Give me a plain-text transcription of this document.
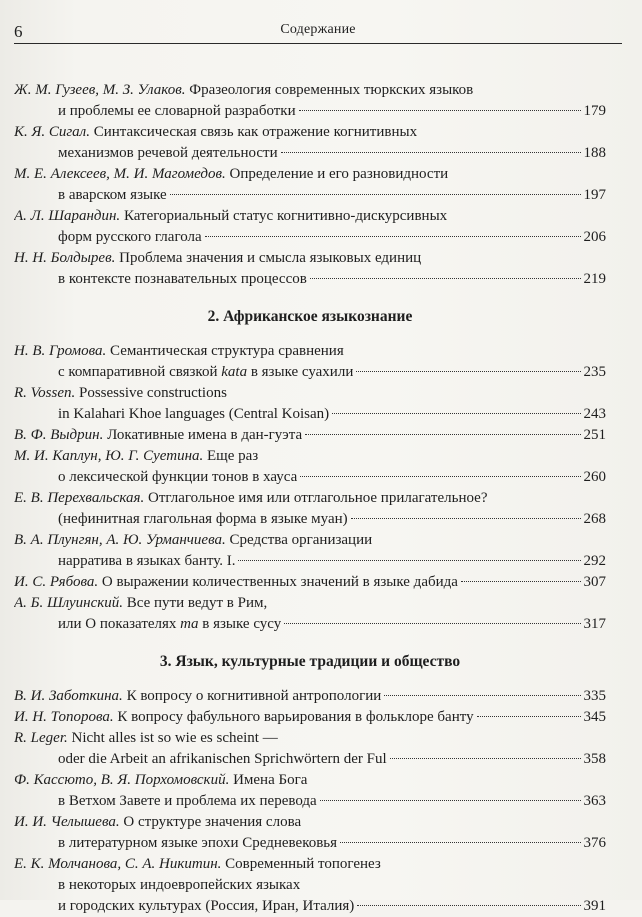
6	Содержание
Ж. М. Гузеев, М. З. Улаков. Фразеология современных тюркских языков
и проблемы ее словарной разработки	179
К. Я. Сигал. Синтаксическая связь как отражение когнитивных
механизмов речевой деятельности	188
М. Е. Алексеев, М. И. Магомедов. Определение и его разновидности
в аварском языке	197
А. Л. Шарандин. Категориальный статус когнитивно-дискурсивных
форм русского глагола	206
Н. Н. Болдырев. Проблема значения и смысла языковых единиц
в контексте познавательных процессов	219
2. Африканское языкознание
Н. В. Громова. Семантическая структура сравнения
с компаративной связкой kata в языке суахили	235
R. Vossen. Possessive constructions
in Kalahari Khoe languages (Central Koisan)	243
В. Ф. Выдрин. Локативные имена в дан-гуэта	251
М. И. Каплун, Ю. Г. Суетина. Еще раз
о лексической функции тонов в хауса	260
Е. В. Перехвальская. Отглагольное имя или отглагольное прилагательное?
(нефинитная глагольная форма в языке муан)	268
В. А. Плунгян, А. Ю. Урманчиева. Средства организации
нарратива в языках банту. I.	292
И. С. Рябова. О выражении количественных значений в языке дабида	307
А. Б. Шлуинский. Все пути ведут в Рим,
или О показателях ma в языке сусу	317
3. Язык, культурные традиции и общество
В. И. Заботкина. К вопросу о когнитивной антропологии	335
И. Н. Топорова. К вопросу фабульного варьирования в фольклоре банту	345
R. Leger. Nicht alles ist so wie es scheint —
oder die Arbeit an afrikanischen Sprichwörtern der Ful	358
Ф. Кассюто, В. Я. Порхомовский. Имена Бога
в Ветхом Завете и проблема их перевода	363
И. И. Челышева. О структуре значения слова
в литературном языке эпохи Средневековья	376
Е. К. Молчанова, С. А. Никитин. Современный топогенез
в некоторых индоевропейских языках
и городских культурах (Россия, Иран, Италия)	391
